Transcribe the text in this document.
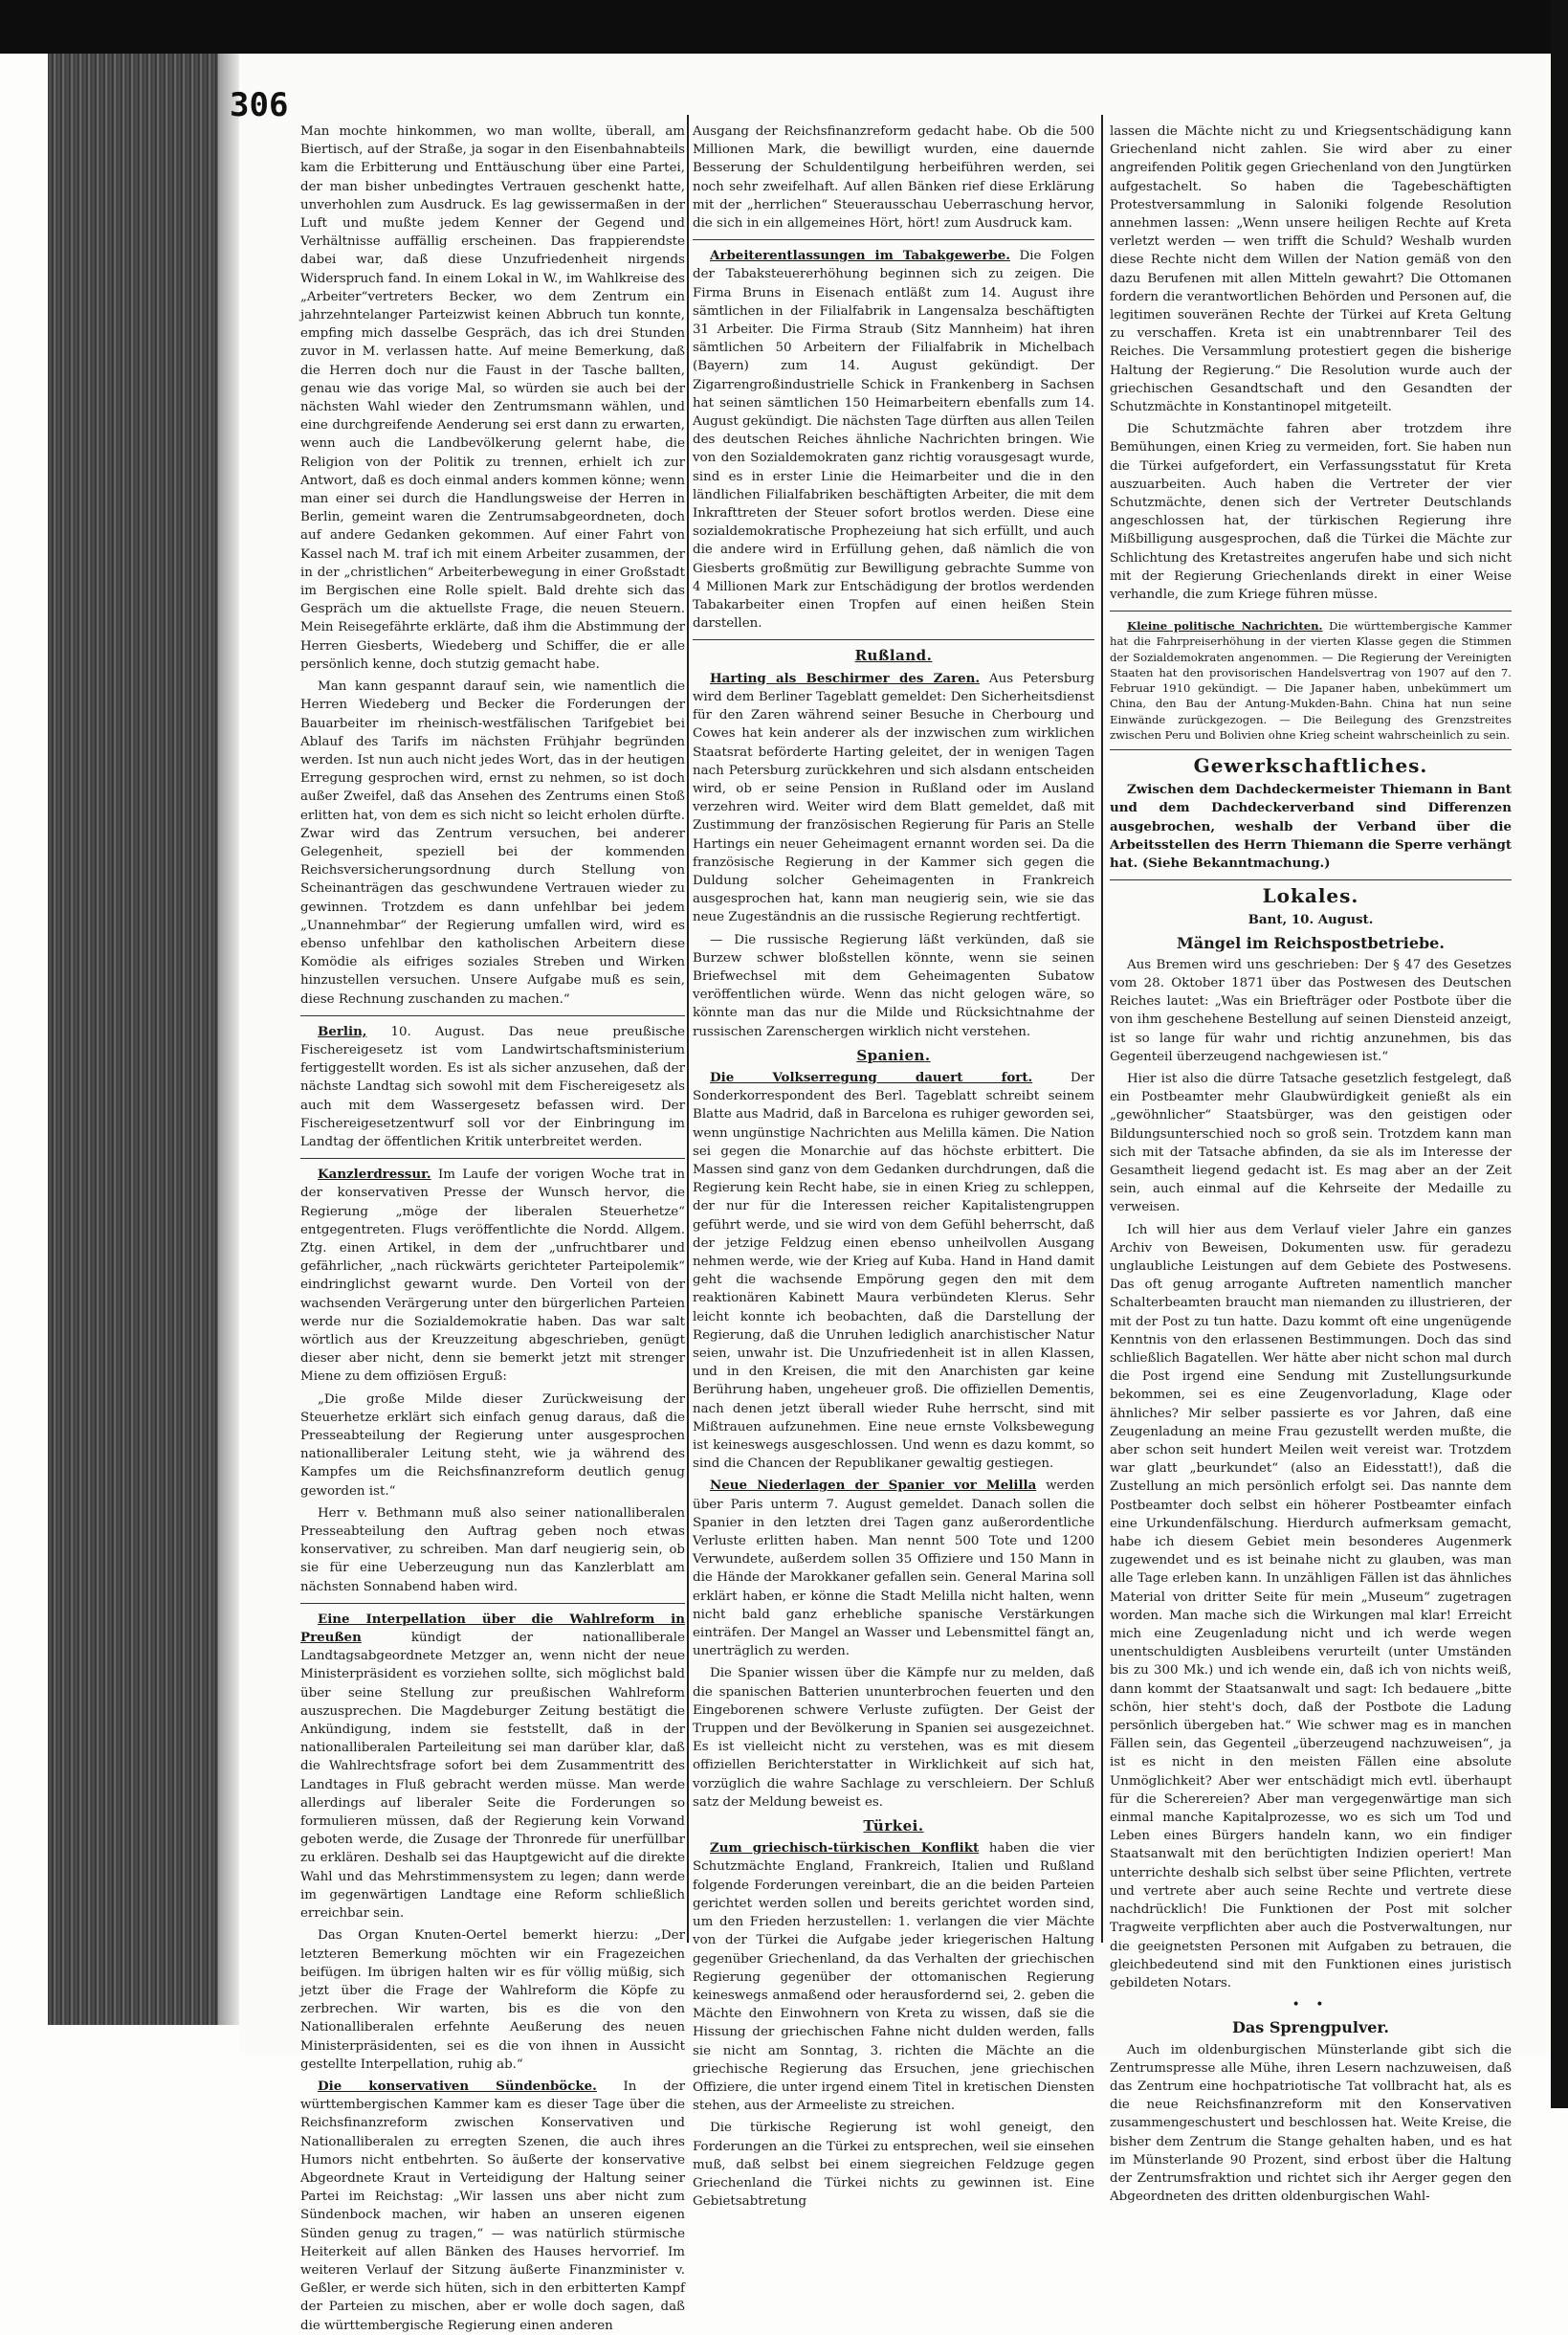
306

Man mochte hinkommen, wo man wollte, überall, am Biertisch, auf der Straße, ja sogar in den Eisenbahnabteils kam die Erbitterung und Enttäuschung über eine Partei, der man bisher unbedingtes Vertrauen geschenkt hatte, unverhohlen zum Ausdruck. Es lag gewissermaßen in der Luft und mußte jedem Kenner der Gegend und Verhältnisse auffällig erscheinen. Das frappierendste dabei war, daß diese Unzufriedenheit nirgends Widerspruch fand. In einem Lokal in W., im Wahlkreise des „Arbeiter“vertreters Becker, wo dem Zentrum ein jahrzehntelanger Parteizwist keinen Abbruch tun konnte, empfing mich dasselbe Gespräch, das ich drei Stunden zuvor in M. verlassen hatte. Auf meine Bemerkung, daß die Herren doch nur die Faust in der Tasche ballten, genau wie das vorige Mal, so würden sie auch bei der nächsten Wahl wieder den Zentrumsmann wählen, und eine durchgreifende Aenderung sei erst dann zu erwarten, wenn auch die Landbevölkerung gelernt habe, die Religion von der Politik zu trennen, erhielt ich zur Antwort, daß es doch einmal anders kommen könne; wenn man einer sei durch die Handlungsweise der Herren in Berlin, gemeint waren die Zentrumsabgeordneten, doch auf andere Gedanken gekommen. Auf einer Fahrt von Kassel nach M. traf ich mit einem Arbeiter zusammen, der in der „christlichen“ Arbeiterbewegung in einer Großstadt im Bergischen eine Rolle spielt. Bald drehte sich das Gespräch um die aktuellste Frage, die neuen Steuern. Mein Reisegefährte erklärte, daß ihm die Abstimmung der Herren Giesberts, Wiedeberg und Schiffer, die er alle persönlich kenne, doch stutzig gemacht habe.

Man kann gespannt darauf sein, wie namentlich die Herren Wiedeberg und Becker die Forderungen der Bauarbeiter im rheinisch-westfälischen Tarifgebiet bei Ablauf des Tarifs im nächsten Frühjahr begründen werden. Ist nun auch nicht jedes Wort, das in der heutigen Erregung gesprochen wird, ernst zu nehmen, so ist doch außer Zweifel, daß das Ansehen des Zentrums einen Stoß erlitten hat, von dem es sich nicht so leicht erholen dürfte. Zwar wird das Zentrum versuchen, bei anderer Gelegenheit, speziell bei der kommenden Reichsversicherungsordnung durch Stellung von Scheinanträgen das geschwundene Vertrauen wieder zu gewinnen. Trotzdem es dann unfehlbar bei jedem „Unannehmbar“ der Regierung umfallen wird, wird es ebenso unfehlbar den katholischen Arbeitern diese Komödie als eifriges soziales Streben und Wirken hinzustellen versuchen. Unsere Aufgabe muß es sein, diese Rechnung zuschanden zu machen.“

Berlin, 10. August. Das neue preußische Fischereigesetz ist vom Landwirtschaftsministerium fertiggestellt worden. Es ist als sicher anzusehen, daß der nächste Landtag sich sowohl mit dem Fischereigesetz als auch mit dem Wassergesetz befassen wird. Der Fischereigesetzentwurf soll vor der Einbringung im Landtag der öffentlichen Kritik unterbreitet werden.

Kanzlerdressur. Im Laufe der vorigen Woche trat in der konservativen Presse der Wunsch hervor, die Regierung „möge der liberalen Steuerhetze“ entgegentreten. Flugs veröffentlichte die Nordd. Allgem. Ztg. einen Artikel, in dem der „unfruchtbarer und gefährlicher, „nach rückwärts gerichteter Parteipolemik“ eindringlichst gewarnt wurde. Den Vorteil von der wachsenden Verärgerung unter den bürgerlichen Parteien werde nur die Sozialdemokratie haben. Das war salt wörtlich aus der Kreuzzeitung abgeschrieben, genügt dieser aber nicht, denn sie bemerkt jetzt mit strenger Miene zu dem offiziösen Erguß:

„Die große Milde dieser Zurückweisung der Steuerhetze erklärt sich einfach genug daraus, daß die Presseabteilung der Regierung unter ausgesprochen nationalliberaler Leitung steht, wie ja während des Kampfes um die Reichsfinanzreform deutlich genug geworden ist.“

Herr v. Bethmann muß also seiner nationalliberalen Presseabteilung den Auftrag geben noch etwas konservativer, zu schreiben. Man darf neugierig sein, ob sie für eine Ueberzeugung nun das Kanzlerblatt am nächsten Sonnabend haben wird.

Eine Interpellation über die Wahlreform in Preußen kündigt der nationalliberale Landtagsabgeordnete Metzger an, wenn nicht der neue Ministerpräsident es vorziehen sollte, sich möglichst bald über seine Stellung zur preußischen Wahlreform auszusprechen. Die Magdeburger Zeitung bestätigt die Ankündigung, indem sie feststellt, daß in der nationalliberalen Parteileitung sei man darüber klar, daß die Wahlrechtsfrage sofort bei dem Zusammentritt des Landtages in Fluß gebracht werden müsse. Man werde allerdings auf liberaler Seite die Forderungen so formulieren müssen, daß der Regierung kein Vorwand geboten werde, die Zusage der Thronrede für unerfüllbar zu erklären. Deshalb sei das Hauptgewicht auf die direkte Wahl und das Mehrstimmensystem zu legen; dann werde im gegenwärtigen Landtage eine Reform schließlich erreichbar sein.

Das Organ Knuten-Oertel bemerkt hierzu: „Der letzteren Bemerkung möchten wir ein Fragezeichen beifügen. Im übrigen halten wir es für völlig müßig, sich jetzt über die Frage der Wahlreform die Köpfe zu zerbrechen. Wir warten, bis es die von den Nationalliberalen erfehnte Aeußerung des neuen Ministerpräsidenten, sei es die von ihnen in Aussicht gestellte Interpellation, ruhig ab.“

Die konservativen Sündenböcke. In der württembergischen Kammer kam es dieser Tage über die Reichsfinanzreform zwischen Konservativen und Nationalliberalen zu erregten Szenen, die auch ihres Humors nicht entbehrten. So äußerte der konservative Abgeordnete Kraut in Verteidigung der Haltung seiner Partei im Reichstag: „Wir lassen uns aber nicht zum Sündenbock machen, wir haben an unseren eigenen Sünden genug zu tragen,“ — was natürlich stürmische Heiterkeit auf allen Bänken des Hauses hervorrief. Im weiteren Verlauf der Sitzung äußerte Finanzminister v. Geßler, er werde sich hüten, sich in den erbitterten Kampf der Parteien zu mischen, aber er wolle doch sagen, daß die württembergische Regierung einen anderen

Ausgang der Reichsfinanzreform gedacht habe. Ob die 500 Millionen Mark, die bewilligt wurden, eine dauernde Besserung der Schuldentilgung herbeiführen werden, sei noch sehr zweifelhaft. Auf allen Bänken rief diese Erklärung mit der „herrlichen“ Steuerausschau Ueberraschung hervor, die sich in ein allgemeines Hört, hört! zum Ausdruck kam.

Arbeiterentlassungen im Tabakgewerbe. Die Folgen der Tabaksteuererhöhung beginnen sich zu zeigen. Die Firma Bruns in Eisenach entläßt zum 14. August ihre sämtlichen in der Filialfabrik in Langensalza beschäftigten 31 Arbeiter. Die Firma Straub (Sitz Mannheim) hat ihren sämtlichen 50 Arbeitern der Filialfabrik in Michelbach (Bayern) zum 14. August gekündigt. Der Zigarrengroßindustrielle Schick in Frankenberg in Sachsen hat seinen sämtlichen 150 Heimarbeitern ebenfalls zum 14. August gekündigt. Die nächsten Tage dürften aus allen Teilen des deutschen Reiches ähnliche Nachrichten bringen. Wie von den Sozialdemokraten ganz richtig vorausgesagt wurde, sind es in erster Linie die Heimarbeiter und die in den ländlichen Filialfabriken beschäftigten Arbeiter, die mit dem Inkrafttreten der Steuer sofort brotlos werden. Diese eine sozialdemokratische Prophezeiung hat sich erfüllt, und auch die andere wird in Erfüllung gehen, daß nämlich die von Giesberts großmütig zur Bewilligung gebrachte Summe von 4 Millionen Mark zur Entschädigung der brotlos werdenden Tabakarbeiter einen Tropfen auf einen heißen Stein darstellen.

Rußland.

Harting als Beschirmer des Zaren. Aus Petersburg wird dem Berliner Tageblatt gemeldet: Den Sicherheitsdienst für den Zaren während seiner Besuche in Cherbourg und Cowes hat kein anderer als der inzwischen zum wirklichen Staatsrat beförderte Harting geleitet, der in wenigen Tagen nach Petersburg zurückkehren und sich alsdann entscheiden wird, ob er seine Pension in Rußland oder im Ausland verzehren wird. Weiter wird dem Blatt gemeldet, daß mit Zustimmung der französischen Regierung für Paris an Stelle Hartings ein neuer Geheimagent ernannt worden sei. Da die französische Regierung in der Kammer sich gegen die Duldung solcher Geheimagenten in Frankreich ausgesprochen hat, kann man neugierig sein, wie sie das neue Zugeständnis an die russische Regierung rechtfertigt.

— Die russische Regierung läßt verkünden, daß sie Burzew schwer bloßstellen könnte, wenn sie seinen Briefwechsel mit dem Geheimagenten Subatow veröffentlichen würde. Wenn das nicht gelogen wäre, so könnte man das nur die Milde und Rücksichtnahme der russischen Zarenschergen wirklich nicht verstehen.

Spanien.

Die Volkserregung dauert fort. Der Sonderkorrespondent des Berl. Tageblatt schreibt seinem Blatte aus Madrid, daß in Barcelona es ruhiger geworden sei, wenn ungünstige Nachrichten aus Melilla kämen. Die Nation sei gegen die Monarchie auf das höchste erbittert. Die Massen sind ganz von dem Gedanken durchdrungen, daß die Regierung kein Recht habe, sie in einen Krieg zu schleppen, der nur für die Interessen reicher Kapitalistengruppen geführt werde, und sie wird von dem Gefühl beherrscht, daß der jetzige Feldzug einen ebenso unheilvollen Ausgang nehmen werde, wie der Krieg auf Kuba. Hand in Hand damit geht die wachsende Empörung gegen den mit dem reaktionären Kabinett Maura verbündeten Klerus. Sehr leicht konnte ich beobachten, daß die Darstellung der Regierung, daß die Unruhen lediglich anarchistischer Natur seien, unwahr ist. Die Unzufriedenheit ist in allen Klassen, und in den Kreisen, die mit den Anarchisten gar keine Berührung haben, ungeheuer groß. Die offiziellen Dementis, nach denen jetzt überall wieder Ruhe herrscht, sind mit Mißtrauen aufzunehmen. Eine neue ernste Volksbewegung ist keineswegs ausgeschlossen. Und wenn es dazu kommt, so sind die Chancen der Republikaner gewaltig gestiegen.

Neue Niederlagen der Spanier vor Melilla werden über Paris unterm 7. August gemeldet. Danach sollen die Spanier in den letzten drei Tagen ganz außerordentliche Verluste erlitten haben. Man nennt 500 Tote und 1200 Verwundete, außerdem sollen 35 Offiziere und 150 Mann in die Hände der Marokkaner gefallen sein. General Marina soll erklärt haben, er könne die Stadt Melilla nicht halten, wenn nicht bald ganz erhebliche spanische Verstärkungen einträfen. Der Mangel an Wasser und Lebensmittel fängt an, unerträglich zu werden.

Die Spanier wissen über die Kämpfe nur zu melden, daß die spanischen Batterien ununterbrochen feuerten und den Eingeborenen schwere Verluste zufügten. Der Geist der Truppen und der Bevölkerung in Spanien sei ausgezeichnet. Es ist vielleicht nicht zu verstehen, was es mit diesem offiziellen Berichterstatter in Wirklichkeit auf sich hat, vorzüglich die wahre Sachlage zu verschleiern. Der Schluß satz der Meldung beweist es.

Türkei.

Zum griechisch-türkischen Konflikt haben die vier Schutzmächte England, Frankreich, Italien und Rußland folgende Forderungen vereinbart, die an die beiden Parteien gerichtet werden sollen und bereits gerichtet worden sind, um den Frieden herzustellen: 1. verlangen die vier Mächte von der Türkei die Aufgabe jeder kriegerischen Haltung gegenüber Griechenland, da das Verhalten der griechischen Regierung gegenüber der ottomanischen Regierung keineswegs anmaßend oder herausfordernd sei, 2. geben die Mächte den Einwohnern von Kreta zu wissen, daß sie die Hissung der griechischen Fahne nicht dulden werden, falls sie nicht am Sonntag, 3. richten die Mächte an die griechische Regierung das Ersuchen, jene griechischen Offiziere, die unter irgend einem Titel in kretischen Diensten stehen, aus der Armeeliste zu streichen.

Die türkische Regierung ist wohl geneigt, den Forderungen an die Türkei zu entsprechen, weil sie einsehen muß, daß selbst bei einem siegreichen Feldzuge gegen Griechenland die Türkei nichts zu gewinnen ist. Eine Gebietsabtretung

lassen die Mächte nicht zu und Kriegsentschädigung kann Griechenland nicht zahlen. Sie wird aber zu einer angreifenden Politik gegen Griechenland von den Jungtürken aufgestachelt. So haben die Tagebeschäftigten Protestversammlung in Saloniki folgende Resolution annehmen lassen: „Wenn unsere heiligen Rechte auf Kreta verletzt werden — wen trifft die Schuld? Weshalb wurden diese Rechte nicht dem Willen der Nation gemäß von den dazu Berufenen mit allen Mitteln gewahrt? Die Ottomanen fordern die verantwortlichen Behörden und Personen auf, die legitimen souveränen Rechte der Türkei auf Kreta Geltung zu verschaffen. Kreta ist ein unabtrennbarer Teil des Reiches. Die Versammlung protestiert gegen die bisherige Haltung der Regierung.“ Die Resolution wurde auch der griechischen Gesandtschaft und den Gesandten der Schutzmächte in Konstantinopel mitgeteilt.

Die Schutzmächte fahren aber trotzdem ihre Bemühungen, einen Krieg zu vermeiden, fort. Sie haben nun die Türkei aufgefordert, ein Verfassungsstatut für Kreta auszuarbeiten. Auch haben die Vertreter der vier Schutzmächte, denen sich der Vertreter Deutschlands angeschlossen hat, der türkischen Regierung ihre Mißbilligung ausgesprochen, daß die Türkei die Mächte zur Schlichtung des Kretastreites angerufen habe und sich nicht mit der Regierung Griechenlands direkt in einer Weise verhandle, die zum Kriege führen müsse.

Kleine politische Nachrichten. Die württembergische Kammer hat die Fahrpreiserhöhung in der vierten Klasse gegen die Stimmen der Sozialdemokraten angenommen. — Die Regierung der Vereinigten Staaten hat den provisorischen Handelsvertrag von 1907 auf den 7. Februar 1910 gekündigt. — Die Japaner haben, unbekümmert um China, den Bau der Antung-Mukden-Bahn. China hat nun seine Einwände zurückgezogen. — Die Beilegung des Grenzstreites zwischen Peru und Bolivien ohne Krieg scheint wahrscheinlich zu sein.

Gewerkschaftliches.

Zwischen dem Dachdeckermeister Thiemann in Bant und dem Dachdeckerverband sind Differenzen ausgebrochen, weshalb der Verband über die Arbeitsstellen des Herrn Thiemann die Sperre verhängt hat. (Siehe Bekanntmachung.)

Lokales.
Bant, 10. August.
Mängel im Reichspostbetriebe.

Aus Bremen wird uns geschrieben: Der § 47 des Gesetzes vom 28. Oktober 1871 über das Postwesen des Deutschen Reiches lautet: „Was ein Briefträger oder Postbote über die von ihm geschehene Bestellung auf seinen Diensteid anzeigt, ist so lange für wahr und richtig anzunehmen, bis das Gegenteil überzeugend nachgewiesen ist.“

Hier ist also die dürre Tatsache gesetzlich festgelegt, daß ein Postbeamter mehr Glaubwürdigkeit genießt als ein „gewöhnlicher“ Staatsbürger, was den geistigen oder Bildungsunterschied noch so groß sein. Trotzdem kann man sich mit der Tatsache abfinden, da sie als im Interesse der Gesamtheit liegend gedacht ist. Es mag aber an der Zeit sein, auch einmal auf die Kehrseite der Medaille zu verweisen.

Ich will hier aus dem Verlauf vieler Jahre ein ganzes Archiv von Beweisen, Dokumenten usw. für geradezu unglaubliche Leistungen auf dem Gebiete des Postwesens. Das oft genug arrogante Auftreten namentlich mancher Schalterbeamten braucht man niemanden zu illustrieren, der mit der Post zu tun hatte. Dazu kommt oft eine ungenügende Kenntnis von den erlassenen Bestimmungen. Doch das sind schließlich Bagatellen. Wer hätte aber nicht schon mal durch die Post irgend eine Sendung mit Zustellungsurkunde bekommen, sei es eine Zeugenvorladung, Klage oder ähnliches? Mir selber passierte es vor Jahren, daß eine Zeugenladung an meine Frau gezustellt werden mußte, die aber schon seit hundert Meilen weit vereist war. Trotzdem war glatt „beurkundet“ (also an Eidesstatt!), daß die Zustellung an mich persönlich erfolgt sei. Das nannte dem Postbeamter doch selbst ein höherer Postbeamter einfach eine Urkundenfälschung. Hierdurch aufmerksam gemacht, habe ich diesem Gebiet mein besonderes Augenmerk zugewendet und es ist beinahe nicht zu glauben, was man alle Tage erleben kann. In unzähligen Fällen ist das ähnliches Material von dritter Seite für mein „Museum“ zugetragen worden. Man mache sich die Wirkungen mal klar! Erreicht mich eine Zeugenladung nicht und ich werde wegen unentschuldigten Ausbleibens verurteilt (unter Umständen bis zu 300 Mk.) und ich wende ein, daß ich von nichts weiß, dann kommt der Staatsanwalt und sagt: Ich bedauere „bitte schön, hier steht's doch, daß der Postbote die Ladung persönlich übergeben hat.“ Wie schwer mag es in manchen Fällen sein, das Gegenteil „überzeugend nachzuweisen“, ja ist es nicht in den meisten Fällen eine absolute Unmöglichkeit? Aber wer entschädigt mich evtl. überhaupt für die Scherereien? Aber man vergegenwärtige man sich einmal manche Kapitalprozesse, wo es sich um Tod und Leben eines Bürgers handeln kann, wo ein findiger Staatsanwalt mit den berüchtigten Indizien operiert! Man unterrichte deshalb sich selbst über seine Pflichten, vertrete und vertrete aber auch seine Rechte und vertrete diese nachdrücklich! Die Funktionen der Post mit solcher Tragweite verpflichten aber auch die Postverwaltungen, nur die geeignetsten Personen mit Aufgaben zu betrauen, die gleichbedeutend sind mit den Funktionen eines juristisch gebildeten Notars.

• •
Das Sprengpulver.

Auch im oldenburgischen Münsterlande gibt sich die Zentrumspresse alle Mühe, ihren Lesern nachzuweisen, daß das Zentrum eine hochpatriotische Tat vollbracht hat, als es die neue Reichsfinanzreform mit den Konservativen zusammengeschustert und beschlossen hat. Weite Kreise, die bisher dem Zentrum die Stange gehalten haben, und es hat im Münsterlande 90 Prozent, sind erbost über die Haltung der Zentrumsfraktion und richtet sich ihr Aerger gegen den Abgeordneten des dritten oldenburgischen Wahl-
